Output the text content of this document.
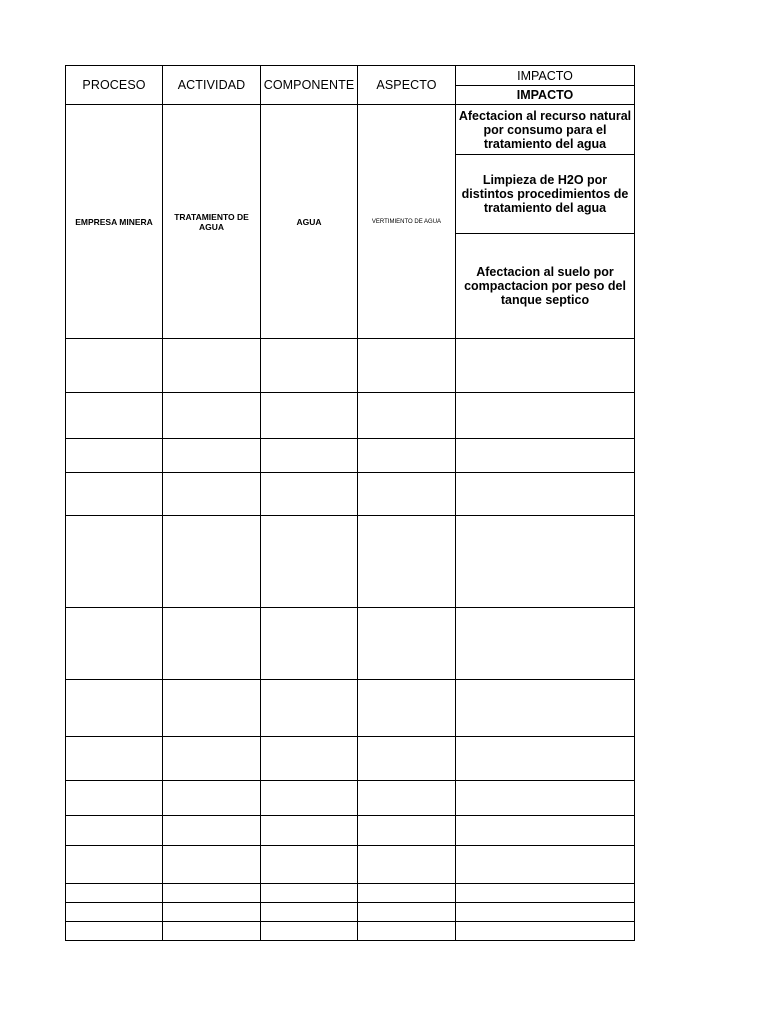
PROCESO	ACTIVIDAD	COMPONENTE	ASPECTO	IMPACTO
				IMPACTO
EMPRESA MINERA	TRATAMIENTO DE AGUA	AGUA	VERTIMIENTO DE AGUA	Afectacion al recurso natural por consumo para el tratamiento del agua
				Limpieza de H2O por distintos procedimientos de tratamiento del agua
				Afectacion al suelo por compactacion por peso del tanque septico
